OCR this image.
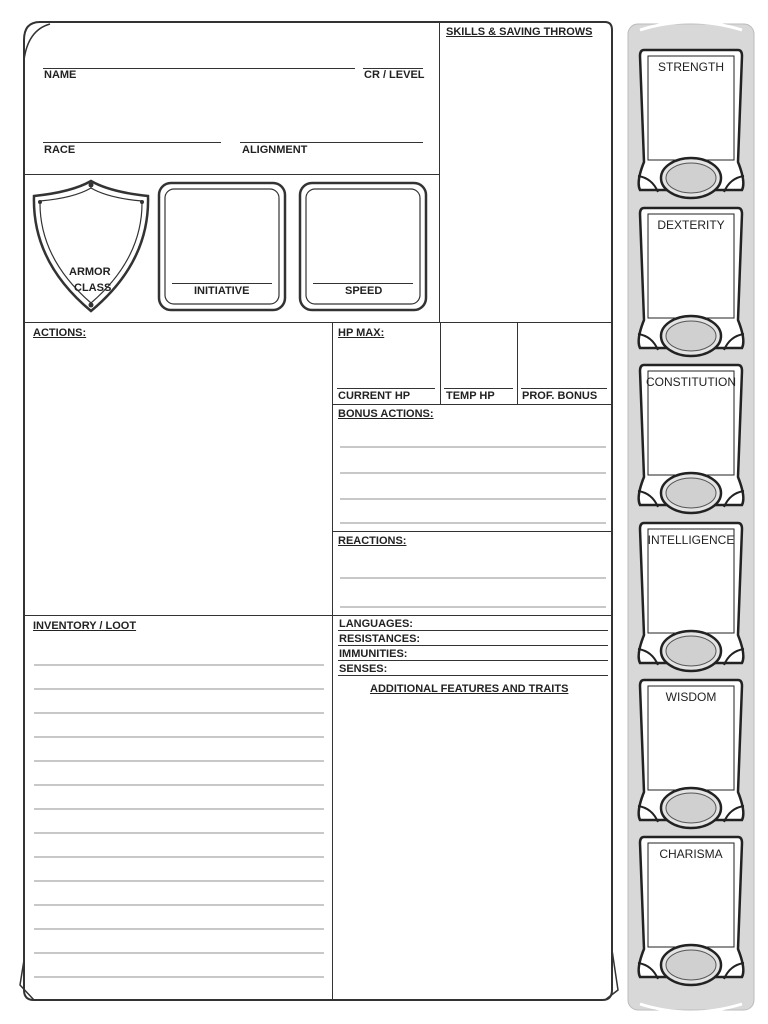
NAME	CR / LEVEL
RACE	ALIGNMENT
SKILLS & SAVING THROWS
ARMOR
CLASS	INITIATIVE	SPEED
ACTIONS:	HP MAX:
CURRENT HP	TEMP HP PROF. BONUS
BONUS ACTIONS:
REACTIONS:
INVENTORY / LOOT	LANGUAGES:
RESISTANCES:
IMMUNITIES:
SENSES:
ADDITIONAL FEATURES AND TRAITS
STRENGTH
DEXTERITY
CONSTITUTION
INTELLIGENCE
WISDOM
CHARISMA
